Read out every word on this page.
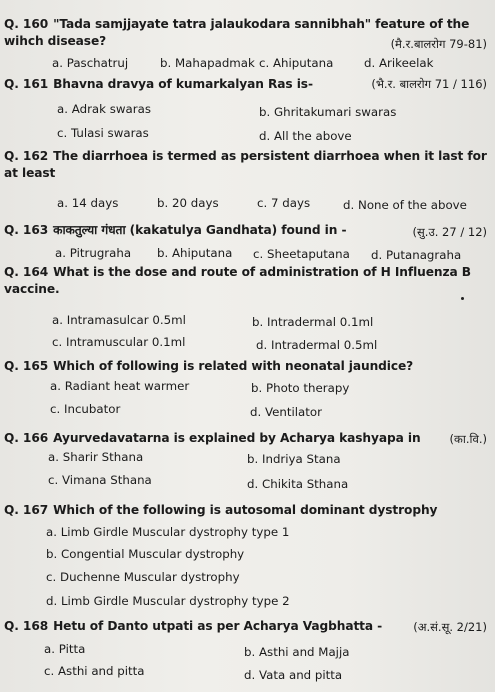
Q. 160 "Tada samjjayate tatra jalaukodara sannibhah" feature of the wihch disease?	(मै.र.बालरोग 79-81)
a. Paschatruj	b. Mahapadmak c. Ahiputana	d. Arikeelak
Q. 161 Bhavna dravya of kumarkalyan Ras is-	(भै.र. बालरोग 71 / 116)
a. Adrak swaras	b. Ghritakumari swaras
c. Tulasi swaras	d. All the above
Q. 162 The diarrhoea is termed as persistent diarrhoea when it last for at least
a. 14 days	b. 20 days	c. 7 days	d. None of the above
Q. 163 काकतुल्या गंधता (kakatulya Gandhata) found in -	(सु.उ. 27 / 12)
a. Pitrugraha b. Ahiputana c. Sheetaputana d. Putanagraha
Q. 164 What is the dose and route of administration of H Influenza B vaccine.
a. Intramasulcar 0.5ml	b. Intradermal 0.1ml
c. Intramuscular 0.1ml	d. Intradermal 0.5ml
Q. 165 Which of following is related with neonatal jaundice?
a. Radiant heat warmer	b. Photo therapy
c. Incubator	d. Ventilator
Q. 166 Ayurvedavatarna is explained by Acharya kashyapa in	(का.वि.)
a. Sharir Sthana	b. Indriya Stana
c. Vimana Sthana	d. Chikita Sthana
Q. 167 Which of the following is autosomal dominant dystrophy
a. Limb Girdle Muscular dystrophy type 1
b. Congential Muscular dystrophy
c. Duchenne Muscular dystrophy
d. Limb Girdle Muscular dystrophy type 2
Q. 168 Hetu of Danto utpati as per Acharya Vagbhatta -	(अ.सं.सू. 2/21)
a. Pitta	b. Asthi and Majja
c. Asthi and pitta	d. Vata and pitta
